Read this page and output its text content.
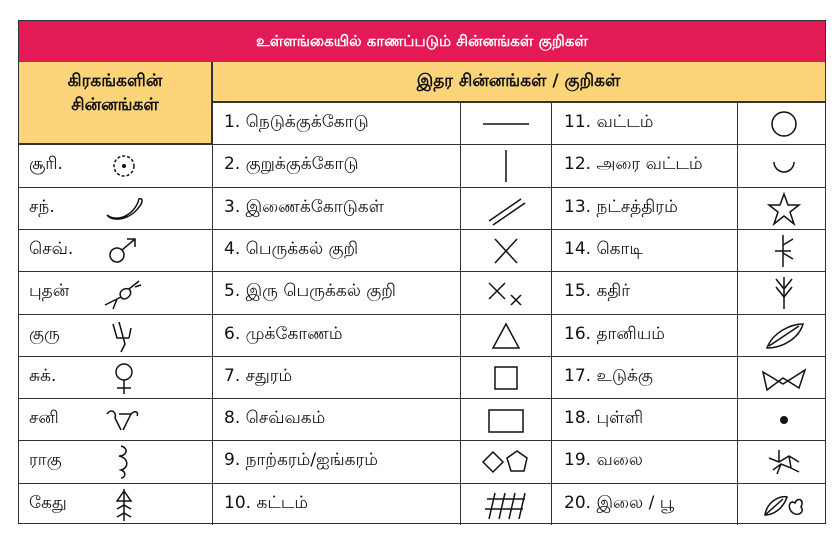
உள்ளங்கையில் காணப்படும் சின்னங்கள் குறிகள்
கிரகங்களின்
சின்னங்கள்
இதர சின்னங்கள் / குறிகள்
1. நெடுக்குக்கோடு
2. குறுக்குக்கோடு
3. இணைக்கோடுகள்
4. பெருக்கல் குறி
5. இரு பெருக்கல் குறி
6. முக்கோணம்
7. சதுரம்
8. செவ்வகம்
9. நாற்கரம்/ஐங்கரம்
10. கட்டம்
11. வட்டம்
12. அரை வட்டம்
13. நட்சத்திரம்
14. கொடி
15. கதிர்
16. தானியம்
17. உடுக்கு
18. புள்ளி
19. வலை
20. இலை / பூ
சூரி.
சந்.
செவ்.
புதன்
குரு
சுக்.
சனி
ராகு
கேது
